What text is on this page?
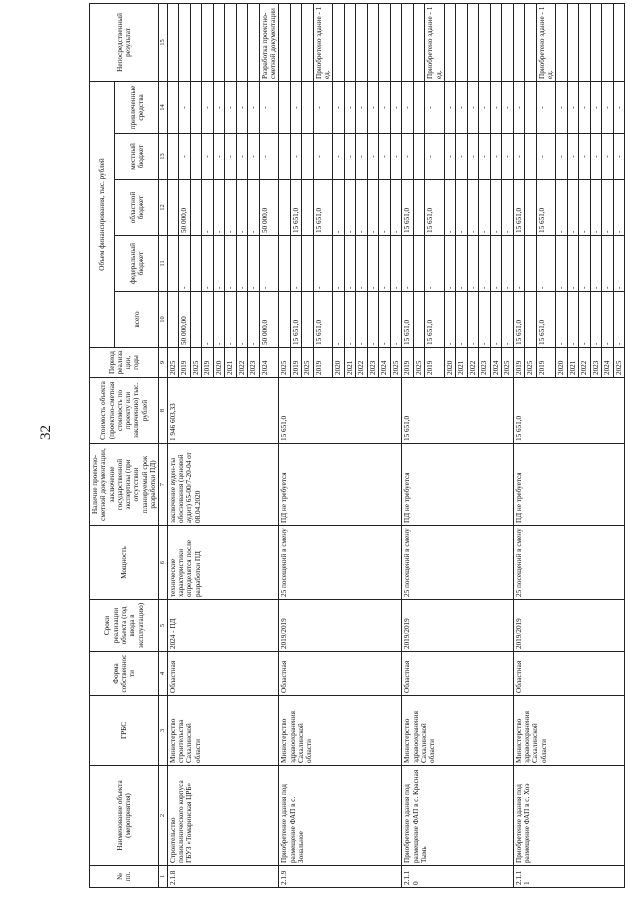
32
№ пп.	Наименование объекта (мероприятия)	ГРБС	Форма собственности	Сроки реализации объекта (год ввода в эксплуатацию)	Мощность	Наличие проектно-сметной документации, заключение государственной экспертизы (при отсутствии планируемый срок разработки ПД)	Стоимость объекта (проектно-сметная стоимость по проекту или заключению) тыс. рублей	Период реализации, годы	Объем финансирования, тыс. рублей					Непосредственный результат
									всего	федеральный бюджет	областной бюджет	местный бюджет	привлеченные средства	
1	2	3	4	5	6	7	8	9	10	11	12	13	14	15
2.1.8	Строительство поликлинического корпуса ГБУЗ «Томаринская ЦРБ»	Министерство строительства Сахалинской области	Областная	2024 - ПД	технические характеристики определятся после разработки ПД	заключение вуден-ты обоснования (ценовой аудит) 65-00/7-20-04 от 08.04.2020	1 946 603,33	2025						
								2019	50 000,00	-	50 000,0	-	-	
								2025						
								2019	-	-	-	-	-	
								2020	-	-	-	-	-	
								2021	-	-	-	-	-	
								2022	-	-	-	-	-	
								2023	-	-	-	-	-	
								2024	50 000,0	-	50 000,0	-	-	Разработка проектно-сметной документации
2.1.9	Приобретение здания под размещение ФАП в с. Зональное	Министерство здравоохранения Сахалинской области	Областная	2019/2019	25 посещений в смену	ПД не требуется	15 651,0	2025						
								2019	15 651,0	-	15 651,0	-	-	
								2025						
								2019	15 651,0	-	15 651,0	-	-	Приобретено зданиe - 1 ед.
								2020	-	-	-	-	-	
								2021	-	-	-	-	-	
								2022	-	-	-	-	-	
								2023	-	-	-	-	-	
								2024	-	-	-	-	-	
								2025	-	-	-	-	-	
2.1.10	Приобретение здания под размещение ФАП в с. Красная Тымь	Министерство здравоохранения Сахалинской области	Областная	2019/2019	25 посещений в смену	ПД не требуется	15 651,0	2019	15 651,0	-	15 651,0	-	-	
								2025						
								2019	15 651,0	-	15 651,0	-	-	Приобретено зданиe - 1 ед.
								2020	-	-	-	-	-	
								2021	-	-	-	-	-	
								2022	-	-	-	-	-	
								2023	-	-	-	-	-	
								2024	-	-	-	-	-	
								2025	-	-	-	-	-	
2.1.11	Приобретение здания под размещение ФАП в с. Хоэ	Министерство здравоохранения Сахалинской области	Областная	2019/2019	25 посещений в смену	ПД не требуется	15 651,0	2019	15 651,0	-	15 651,0	-	-	
								2025						
								2019	15 651,0	-	15 651,0	-	-	Приобретено зданиe - 1 ед.
								2020	-	-	-	-	-	
								2021	-	-	-	-	-	
								2022	-	-	-	-	-	
								2023	-	-	-	-	-	
								2024	-	-	-	-	-	
								2025	-	-	-	-	-	
